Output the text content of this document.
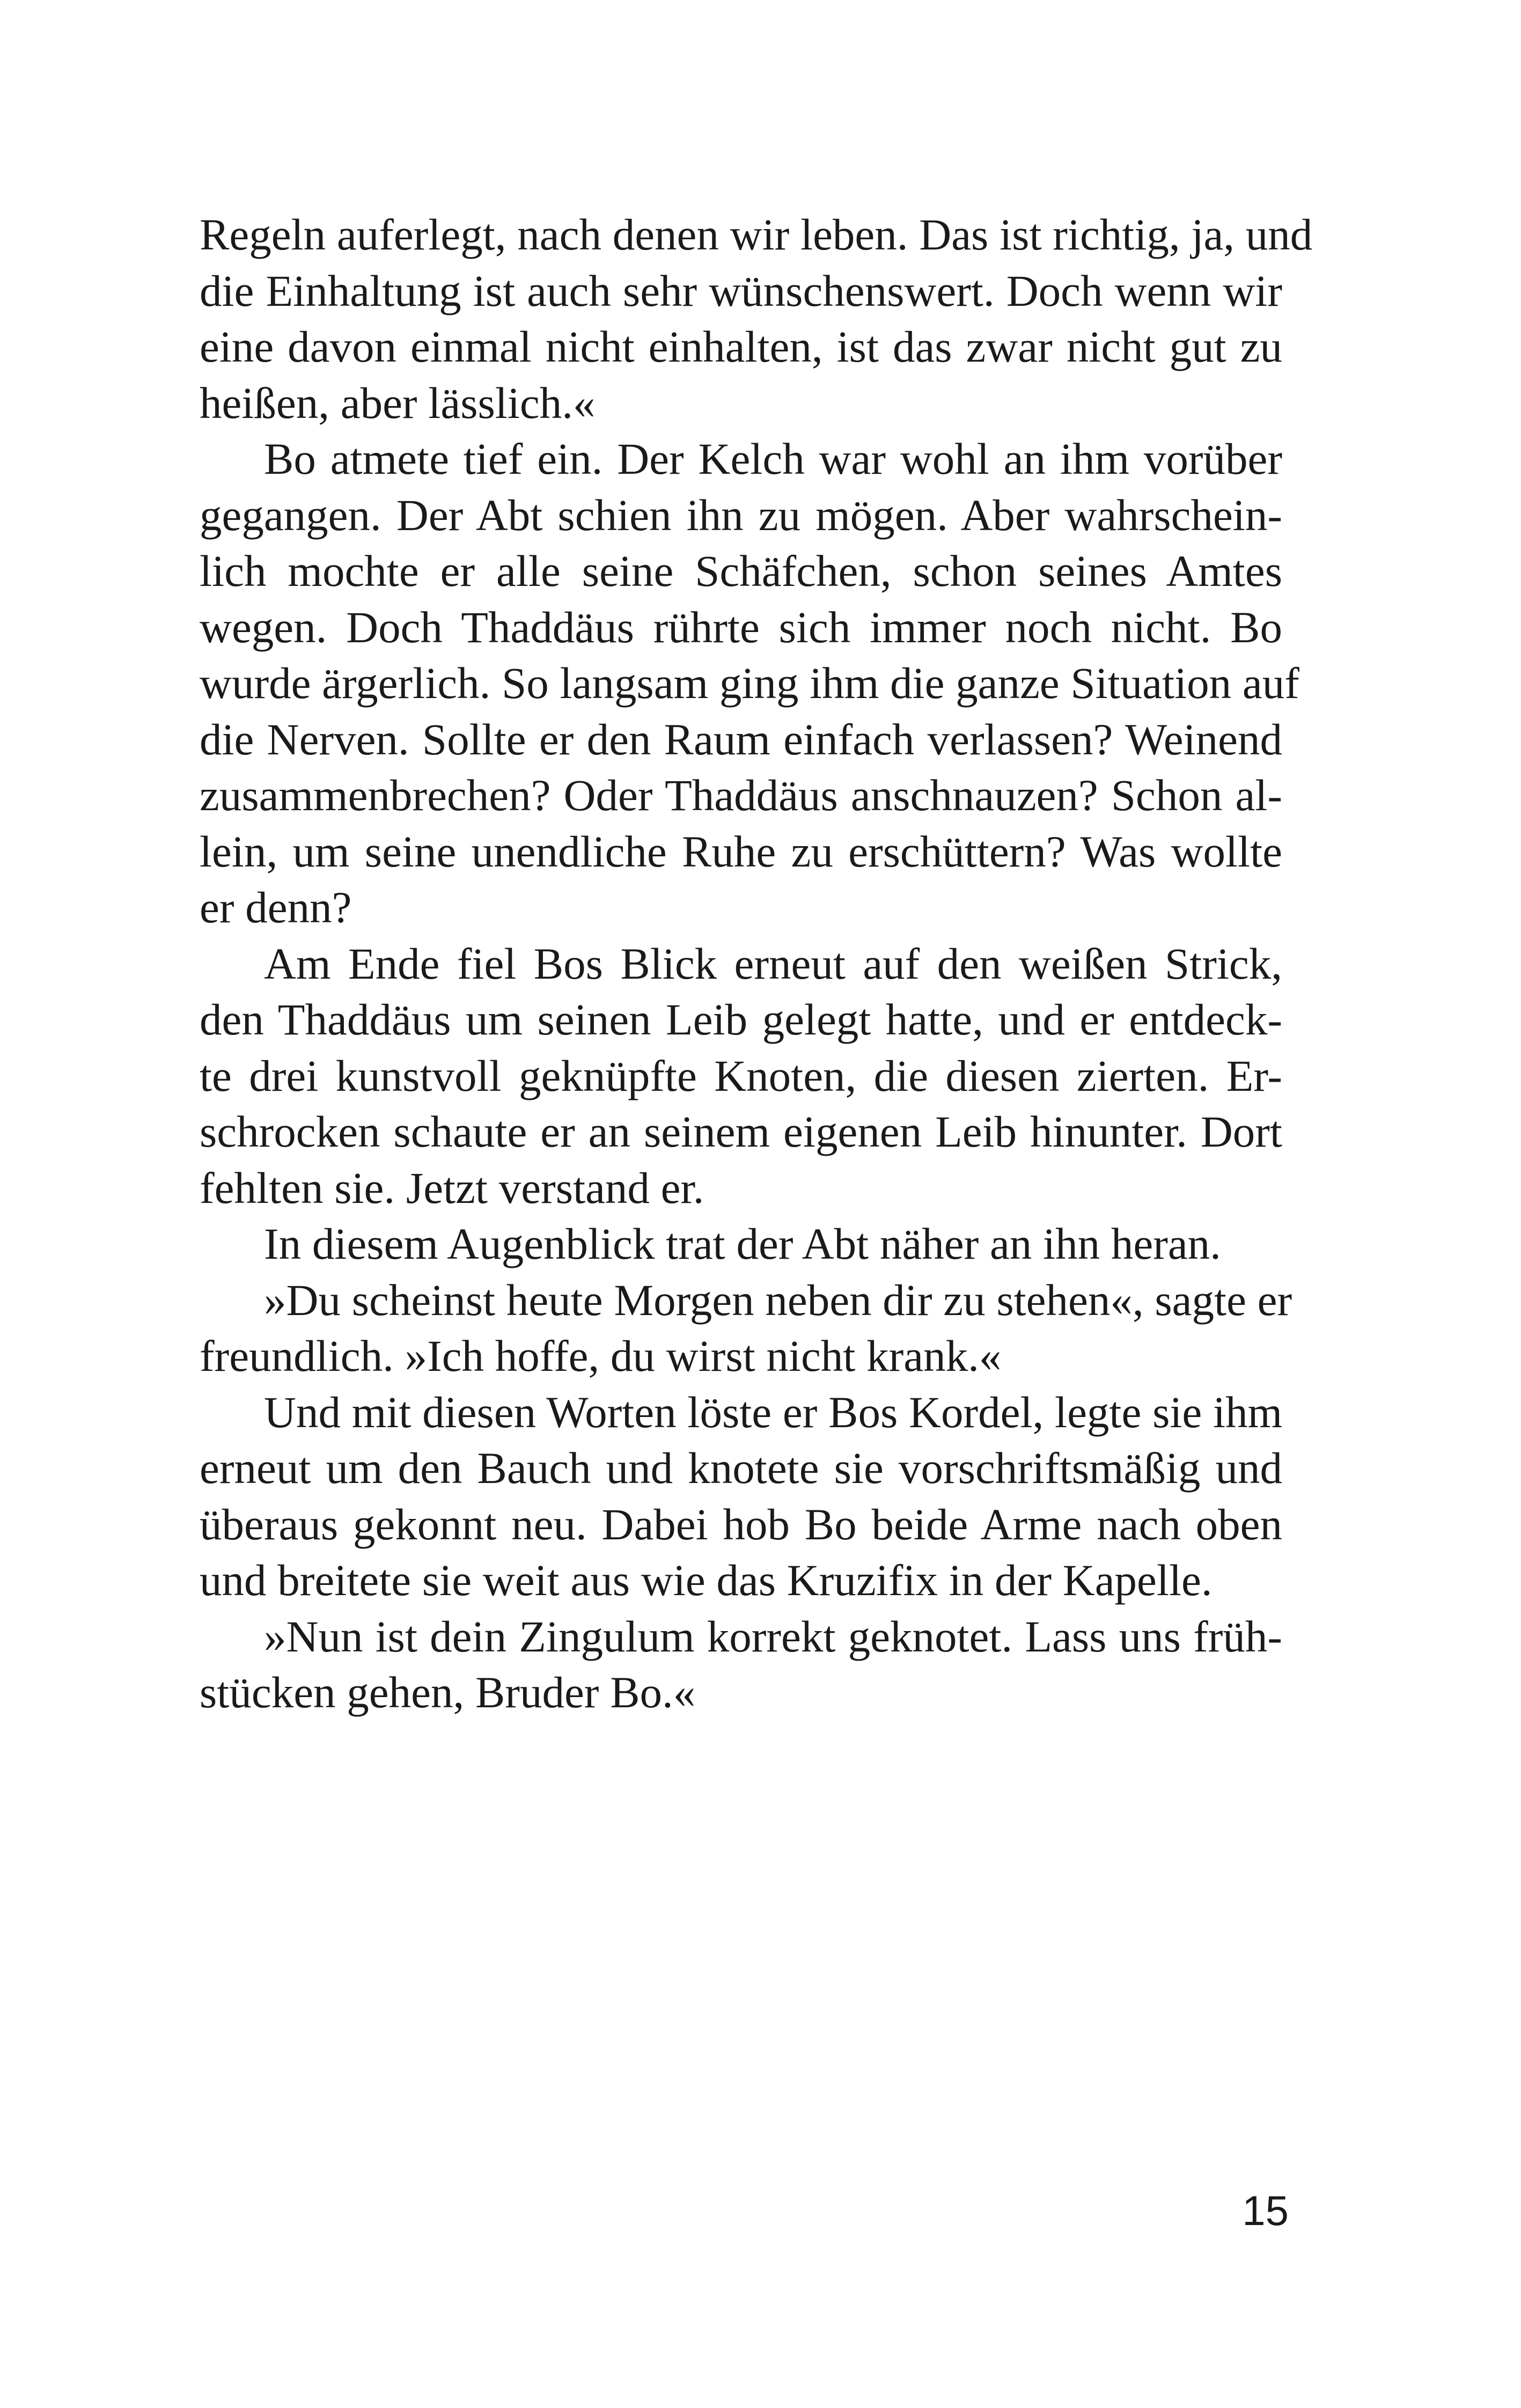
Regeln auferlegt, nach denen wir leben. Das ist richtig, ja, und
die Einhaltung ist auch sehr wünschenswert. Doch wenn wir
eine davon einmal nicht einhalten, ist das zwar nicht gut zu
heißen, aber lässlich.«
Bo atmete tief ein. Der Kelch war wohl an ihm vorüber
gegangen. Der Abt schien ihn zu mögen. Aber wahrschein-
lich mochte er alle seine Schäfchen, schon seines Amtes
wegen. Doch Thaddäus rührte sich immer noch nicht. Bo
wurde ärgerlich. So langsam ging ihm die ganze Situation auf
die Nerven. Sollte er den Raum einfach verlassen? Weinend
zusammenbrechen? Oder Thaddäus anschnauzen? Schon al-
lein, um seine unendliche Ruhe zu erschüttern? Was wollte
er denn?
Am Ende fiel Bos Blick erneut auf den weißen Strick,
den Thaddäus um seinen Leib gelegt hatte, und er entdeck-
te drei kunstvoll geknüpfte Knoten, die diesen zierten. Er-
schrocken schaute er an seinem eigenen Leib hinunter. Dort
fehlten sie. Jetzt verstand er.
In diesem Augenblick trat der Abt näher an ihn heran.
»Du scheinst heute Morgen neben dir zu stehen«, sagte er
freundlich. »Ich hoffe, du wirst nicht krank.«
Und mit diesen Worten löste er Bos Kordel, legte sie ihm
erneut um den Bauch und knotete sie vorschriftsmäßig und
überaus gekonnt neu. Dabei hob Bo beide Arme nach oben
und breitete sie weit aus wie das Kruzifix in der Kapelle.
»Nun ist dein Zingulum korrekt geknotet. Lass uns früh-
stücken gehen, Bruder Bo.«
15
